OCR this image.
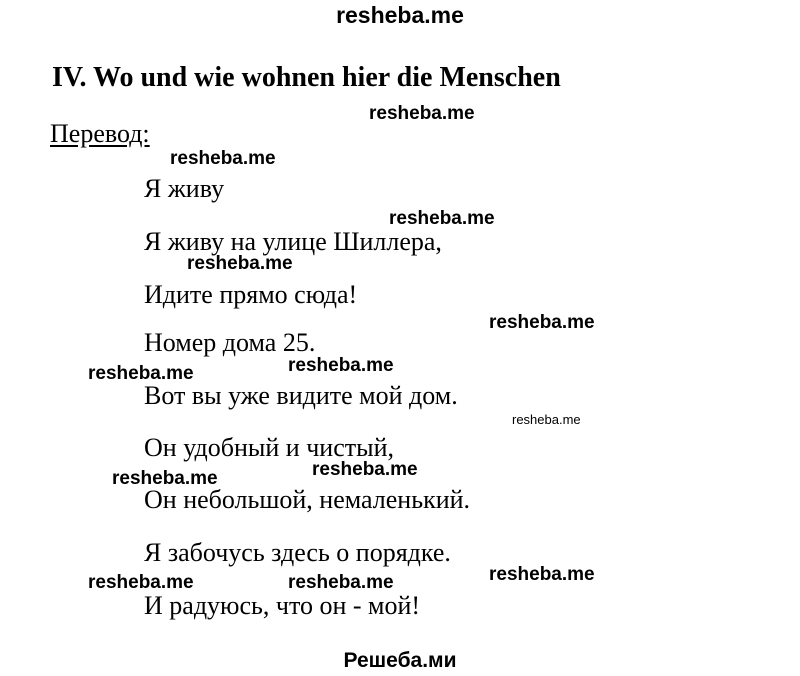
resheba.me
IV. Wo und wie wohnen hier die Menschen
Перевод:
Я живу
Я живу на улице Шиллера,
Идите прямо сюда!
Номер дома 25.
Вот вы уже видите мой дом.
Он удобный и чистый,
Он небольшой, немаленький.
Я забочусь здесь о порядке.
И радуюсь, что он - мой!
resheba.me
resheba.me
resheba.me
resheba.me
resheba.me
resheba.me
resheba.me
resheba.me
resheba.me
resheba.me
resheba.me
resheba.me	resheba.me
Решеба.ми
